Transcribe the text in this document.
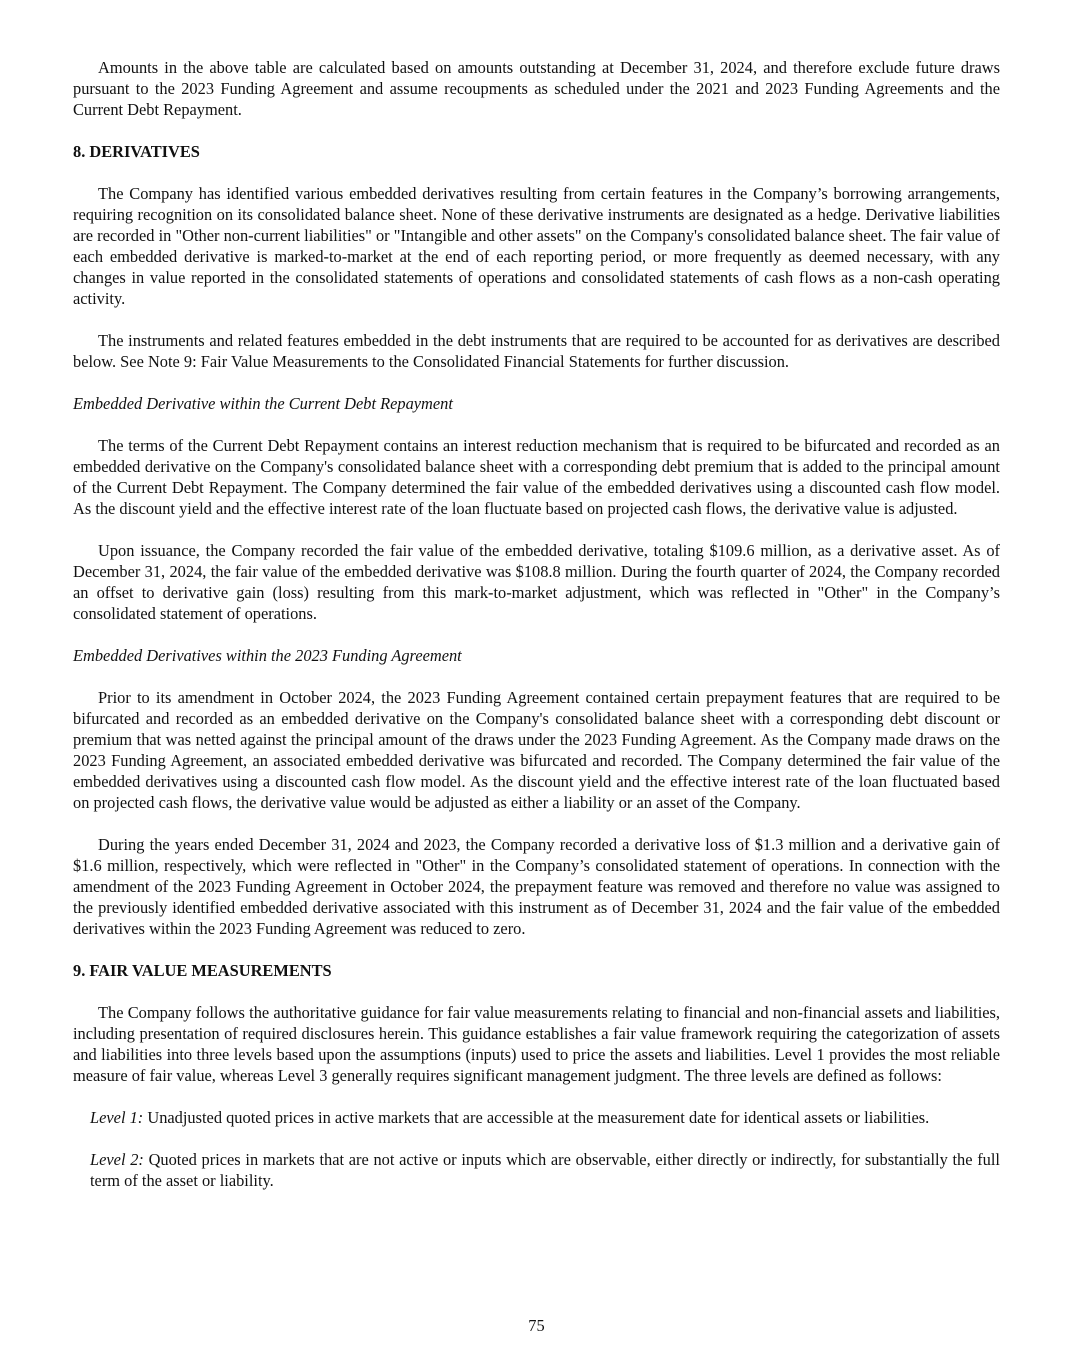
Amounts in the above table are calculated based on amounts outstanding at December 31, 2024, and therefore exclude future draws pursuant to the 2023 Funding Agreement and assume recoupments as scheduled under the 2021 and 2023 Funding Agreements and the Current Debt Repayment.

8. DERIVATIVES

The Company has identified various embedded derivatives resulting from certain features in the Company’s borrowing arrangements, requiring recognition on its consolidated balance sheet. None of these derivative instruments are designated as a hedge. Derivative liabilities are recorded in "Other non-current liabilities" or "Intangible and other assets" on the Company's consolidated balance sheet. The fair value of each embedded derivative is marked-to-market at the end of each reporting period, or more frequently as deemed necessary, with any changes in value reported in the consolidated statements of operations and consolidated statements of cash flows as a non-cash operating activity.

The instruments and related features embedded in the debt instruments that are required to be accounted for as derivatives are described below. See Note 9: Fair Value Measurements to the Consolidated Financial Statements for further discussion.

Embedded Derivative within the Current Debt Repayment

The terms of the Current Debt Repayment contains an interest reduction mechanism that is required to be bifurcated and recorded as an embedded derivative on the Company's consolidated balance sheet with a corresponding debt premium that is added to the principal amount of the Current Debt Repayment. The Company determined the fair value of the embedded derivatives using a discounted cash flow model. As the discount yield and the effective interest rate of the loan fluctuate based on projected cash flows, the derivative value is adjusted.

Upon issuance, the Company recorded the fair value of the embedded derivative, totaling $109.6 million, as a derivative asset. As of December 31, 2024, the fair value of the embedded derivative was $108.8 million. During the fourth quarter of 2024, the Company recorded an offset to derivative gain (loss) resulting from this mark-to-market adjustment, which was reflected in "Other" in the Company’s consolidated statement of operations.

Embedded Derivatives within the 2023 Funding Agreement

Prior to its amendment in October 2024, the 2023 Funding Agreement contained certain prepayment features that are required to be bifurcated and recorded as an embedded derivative on the Company's consolidated balance sheet with a corresponding debt discount or premium that was netted against the principal amount of the draws under the 2023 Funding Agreement. As the Company made draws on the 2023 Funding Agreement, an associated embedded derivative was bifurcated and recorded. The Company determined the fair value of the embedded derivatives using a discounted cash flow model. As the discount yield and the effective interest rate of the loan fluctuated based on projected cash flows, the derivative value would be adjusted as either a liability or an asset of the Company.

During the years ended December 31, 2024 and 2023, the Company recorded a derivative loss of $1.3 million and a derivative gain of $1.6 million, respectively, which were reflected in "Other" in the Company’s consolidated statement of operations. In connection with the amendment of the 2023 Funding Agreement in October 2024, the prepayment feature was removed and therefore no value was assigned to the previously identified embedded derivative associated with this instrument as of December 31, 2024 and the fair value of the embedded derivatives within the 2023 Funding Agreement was reduced to zero.

9. FAIR VALUE MEASUREMENTS

The Company follows the authoritative guidance for fair value measurements relating to financial and non-financial assets and liabilities, including presentation of required disclosures herein. This guidance establishes a fair value framework requiring the categorization of assets and liabilities into three levels based upon the assumptions (inputs) used to price the assets and liabilities. Level 1 provides the most reliable measure of fair value, whereas Level 3 generally requires significant management judgment. The three levels are defined as follows:

Level 1: Unadjusted quoted prices in active markets that are accessible at the measurement date for identical assets or liabilities.
Level 2: Quoted prices in markets that are not active or inputs which are observable, either directly or indirectly, for substantially the full term of the asset or liability.
75
